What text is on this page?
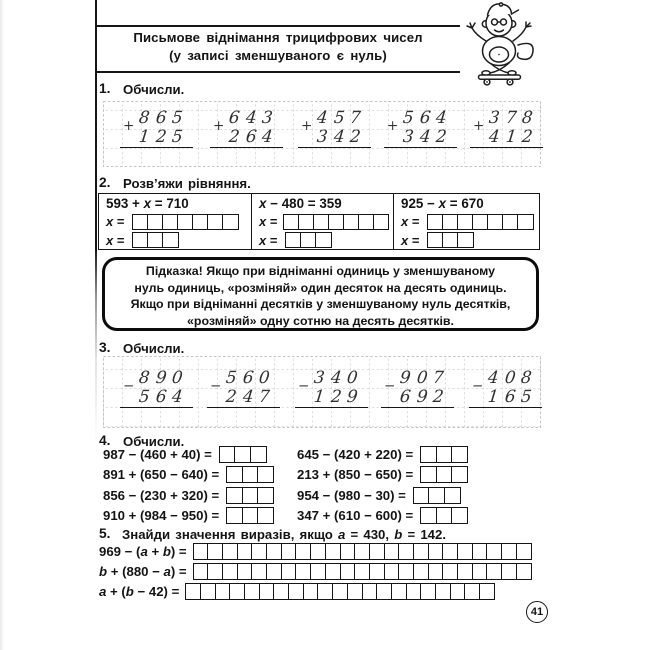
Письмове віднімання трицифрових чисел
(у записі зменшуваного є нуль)
1. Обчисли.
+ 8 6 5
1 2 5 + 6 4 3
2 6 4 + 4 5 7
3 4 2 + 5 6 4
3 4 2 + 3 7 8
4 1 2
2. Розв’яжи рівняння.
593 + x = 710
x =
x =
x − 480 = 359
x =
x =
925 − x = 670
x =
x =
Підказка! Якщо при відніманні одиниць у зменшуваному
нуль одиниць, «розміняй» один десяток на десять одиниць.
Якщо при відніманні десятків у зменшуваному нуль десятків,
«розміняй» одну сотню на десять десятків.
3. Обчисли.
− 8 9 0
5 6 4 − 5 6 0
2 4 7 − 3 4 0
1 2 9 − 9 0 7
6 9 2 − 4 0 8
1 6 5
4. Обчисли.
987 − (460 + 40) =
891 + (650 − 640) =
856 − (230 + 320) =
910 + (984 − 950) =
645 − (420 + 220) =
213 + (850 − 650) =
954 − (980 − 30) =
347 + (610 − 600) =
5. Знайди значення виразів, якщо a = 430, b = 142.
969 − (a + b) =
b + (880 − a) =
a + (b − 42) =
41
